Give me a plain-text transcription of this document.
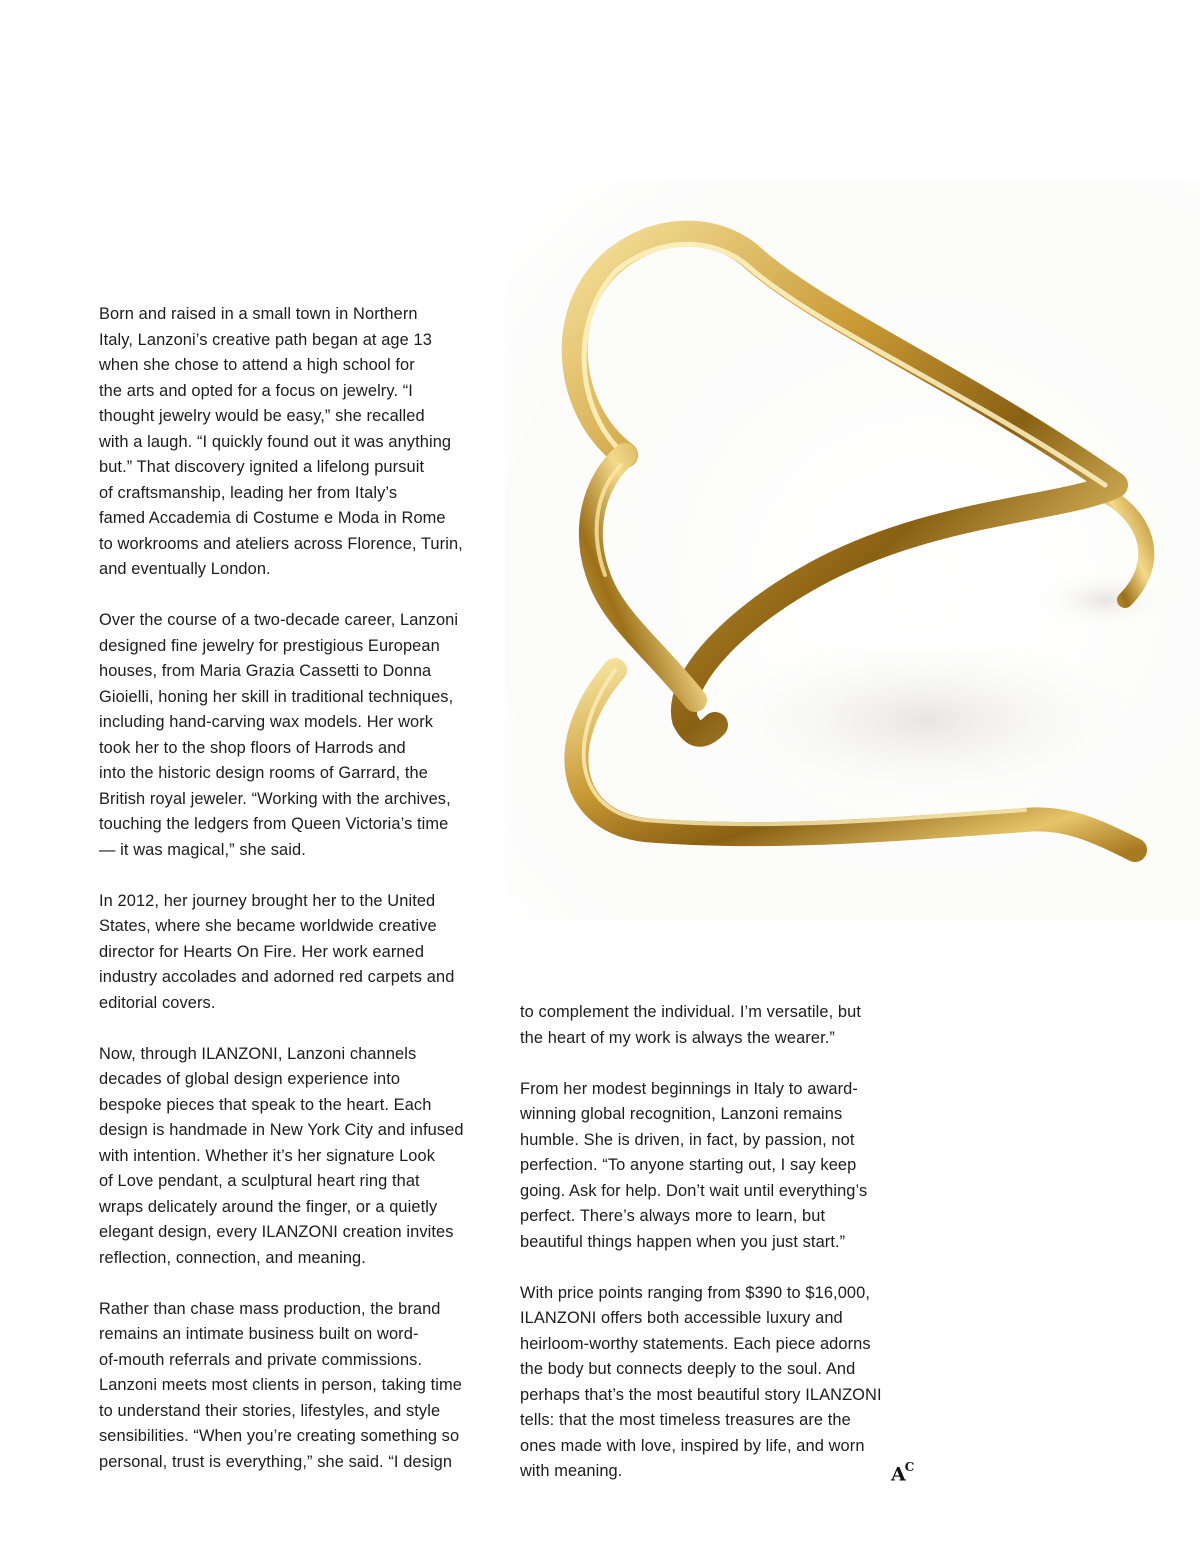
Born and raised in a small town in Northern
Italy, Lanzoni’s creative path began at age 13
when she chose to attend a high school for
the arts and opted for a focus on jewelry. “I
thought jewelry would be easy,” she recalled
with a laugh. “I quickly found out it was anything
but.” That discovery ignited a lifelong pursuit
of craftsmanship, leading her from Italy’s
famed Accademia di Costume e Moda in Rome
to workrooms and ateliers across Florence, Turin,
and eventually London.

Over the course of a two-decade career, Lanzoni
designed fine jewelry for prestigious European
houses, from Maria Grazia Cassetti to Donna
Gioielli, honing her skill in traditional techniques,
including hand-carving wax models. Her work
took her to the shop floors of Harrods and
into the historic design rooms of Garrard, the
British royal jeweler. “Working with the archives,
touching the ledgers from Queen Victoria’s time
— it was magical,” she said.

In 2012, her journey brought her to the United
States, where she became worldwide creative
director for Hearts On Fire. Her work earned
industry accolades and adorned red carpets and
editorial covers.

Now, through ILANZONI, Lanzoni channels
decades of global design experience into
bespoke pieces that speak to the heart. Each
design is handmade in New York City and infused
with intention. Whether it’s her signature Look
of Love pendant, a sculptural heart ring that
wraps delicately around the finger, or a quietly
elegant design, every ILANZONI creation invites
reflection, connection, and meaning.

Rather than chase mass production, the brand
remains an intimate business built on word-
of-mouth referrals and private commissions.
Lanzoni meets most clients in person, taking time
to understand their stories, lifestyles, and style
sensibilities. “When you’re creating something so
personal, trust is everything,” she said. “I design

to complement the individual. I’m versatile, but
the heart of my work is always the wearer.”

From her modest beginnings in Italy to award-
winning global recognition, Lanzoni remains
humble. She is driven, in fact, by passion, not
perfection. “To anyone starting out, I say keep
going. Ask for help. Don’t wait until everything’s
perfect. There’s always more to learn, but
beautiful things happen when you just start.”

With price points ranging from $390 to $16,000,
ILANZONI offers both accessible luxury and
heirloom-worthy statements. Each piece adorns
the body but connects deeply to the soul. And
perhaps that’s the most beautiful story ILANZONI
tells: that the most timeless treasures are the
ones made with love, inspired by life, and worn
with meaning.	$A^C$
